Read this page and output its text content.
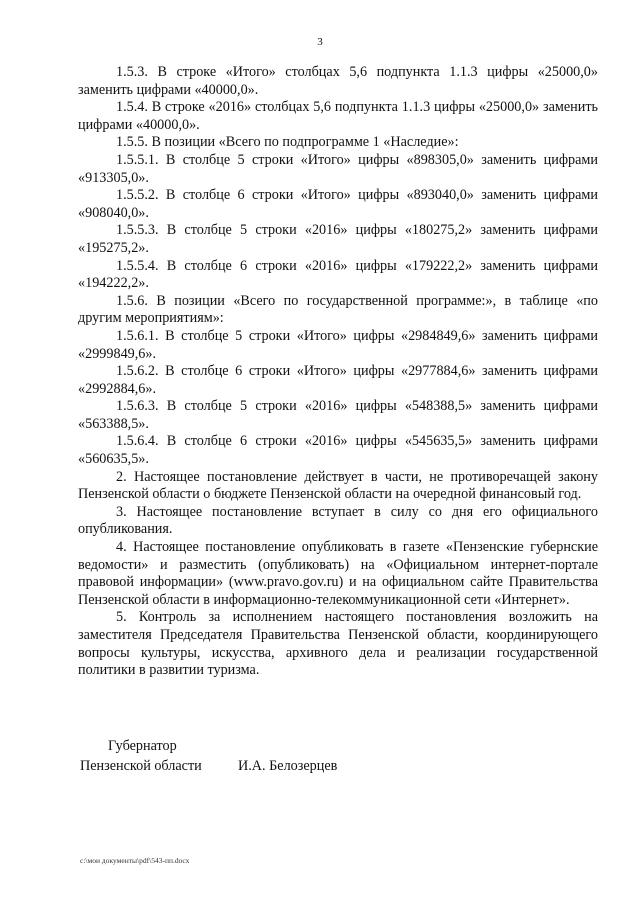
3

1.5.3. В строке «Итого» столбцах 5,6 подпункта 1.1.3 цифры «25000,0» заменить цифрами «40000,0».

1.5.4. В строке «2016» столбцах 5,6 подпункта 1.1.3 цифры «25000,0» заменить цифрами «40000,0».

1.5.5. В позиции «Всего по подпрограмме 1 «Наследие»:

1.5.5.1. В столбце 5 строки «Итого» цифры «898305,0» заменить цифрами «913305,0».

1.5.5.2. В столбце 6 строки «Итого» цифры «893040,0» заменить цифрами «908040,0».

1.5.5.3. В столбце 5 строки «2016» цифры «180275,2» заменить цифрами «195275,2».

1.5.5.4. В столбце 6 строки «2016» цифры «179222,2» заменить цифрами «194222,2».

1.5.6. В позиции «Всего по государственной программе:», в таблице «по другим мероприятиям»:

1.5.6.1. В столбце 5 строки «Итого» цифры «2984849,6» заменить цифрами «2999849,6».

1.5.6.2. В столбце 6 строки «Итого» цифры «2977884,6» заменить цифрами «2992884,6».

1.5.6.3. В столбце 5 строки «2016» цифры «548388,5» заменить цифрами «563388,5».

1.5.6.4. В столбце 6 строки «2016» цифры «545635,5» заменить цифрами «560635,5».

2. Настоящее постановление действует в части, не противоречащей закону Пензенской области о бюджете Пензенской области на очередной финансовый год.

3. Настоящее постановление вступает в силу со дня его официального опубликования.

4. Настоящее постановление опубликовать в газете «Пензенские губернские ведомости» и разместить (опубликовать) на «Официальном интернет-портале правовой информации» (www.pravo.gov.ru) и на официальном сайте Правительства Пензенской области в информационно-телекоммуникационной сети «Интернет».

5. Контроль за исполнением настоящего постановления возложить на заместителя Председателя Правительства Пензенской области, координирующего вопросы культуры, искусства, архивного дела и реализации государственной политики в развитии туризма.

Губернатор
Пензенской области	И.А. Белозерцев
c:\мои документы\pdf\543-пп.docx
